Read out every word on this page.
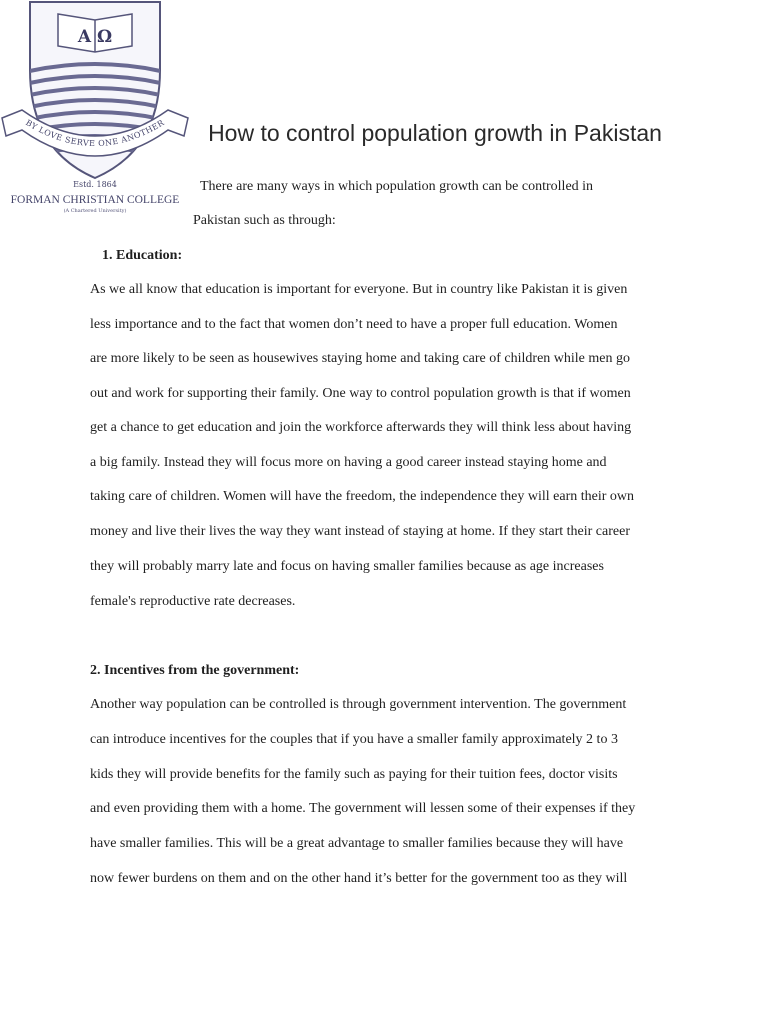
A Ω
BY LOVE SERVE ONE ANOTHER
Estd. 1864
FORMAN CHRISTIAN COLLEGE
(A Chartered University)
How to control population growth in Pakistan
There are many ways in which population growth can be controlled in
Pakistan such as through:
1. Education:
As we all know that education is important for everyone. But in country like Pakistan it is given
less importance and to the fact that women don’t need to have a proper full education. Women
are more likely to be seen as housewives staying home and taking care of children while men go
out and work for supporting their family. One way to control population growth is that if women
get a chance to get education and join the workforce afterwards they will think less about having
a big family. Instead they will focus more on having a good career instead staying home and
taking care of children. Women will have the freedom, the independence they will earn their own
money and live their lives the way they want instead of staying at home. If they start their career
they will probably marry late and focus on having smaller families because as age increases
female's reproductive rate decreases.
2. Incentives from the government:
Another way population can be controlled is through government intervention. The government
can introduce incentives for the couples that if you have a smaller family approximately 2 to 3
kids they will provide benefits for the family such as paying for their tuition fees, doctor visits
and even providing them with a home. The government will lessen some of their expenses if they
have smaller families. This will be a great advantage to smaller families because they will have
now fewer burdens on them and on the other hand it’s better for the government too as they will
